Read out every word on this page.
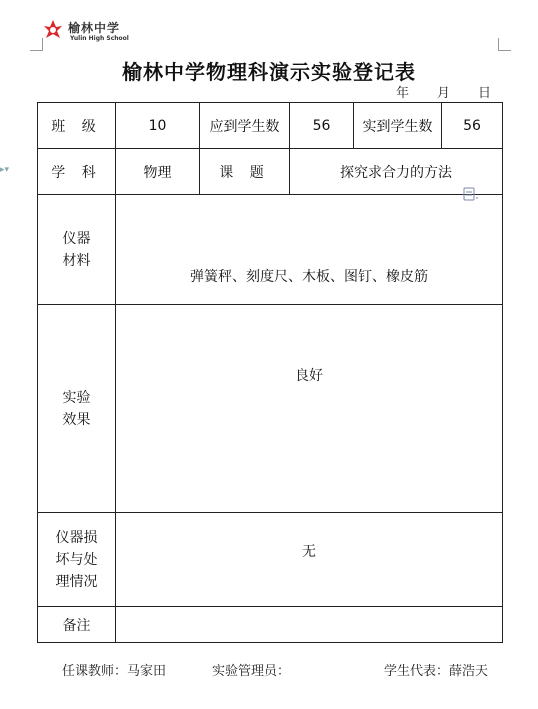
榆林中学
Yulin High School
▸▾
榆林中学物理科演示实验登记表
年 月 日
班 级	10	应到学生数	56	实到学生数	56
学 科	物理	课 题	探究求合力的方法		

仪器
材料	弹簧秤、刻度尺、木板、图钉、橡皮筋				

实验
效果	良好				

仪器损
坏与处
理情况	无				
备注					
任课教师：马家田	实验管理员：	学生代表：薛浩天
